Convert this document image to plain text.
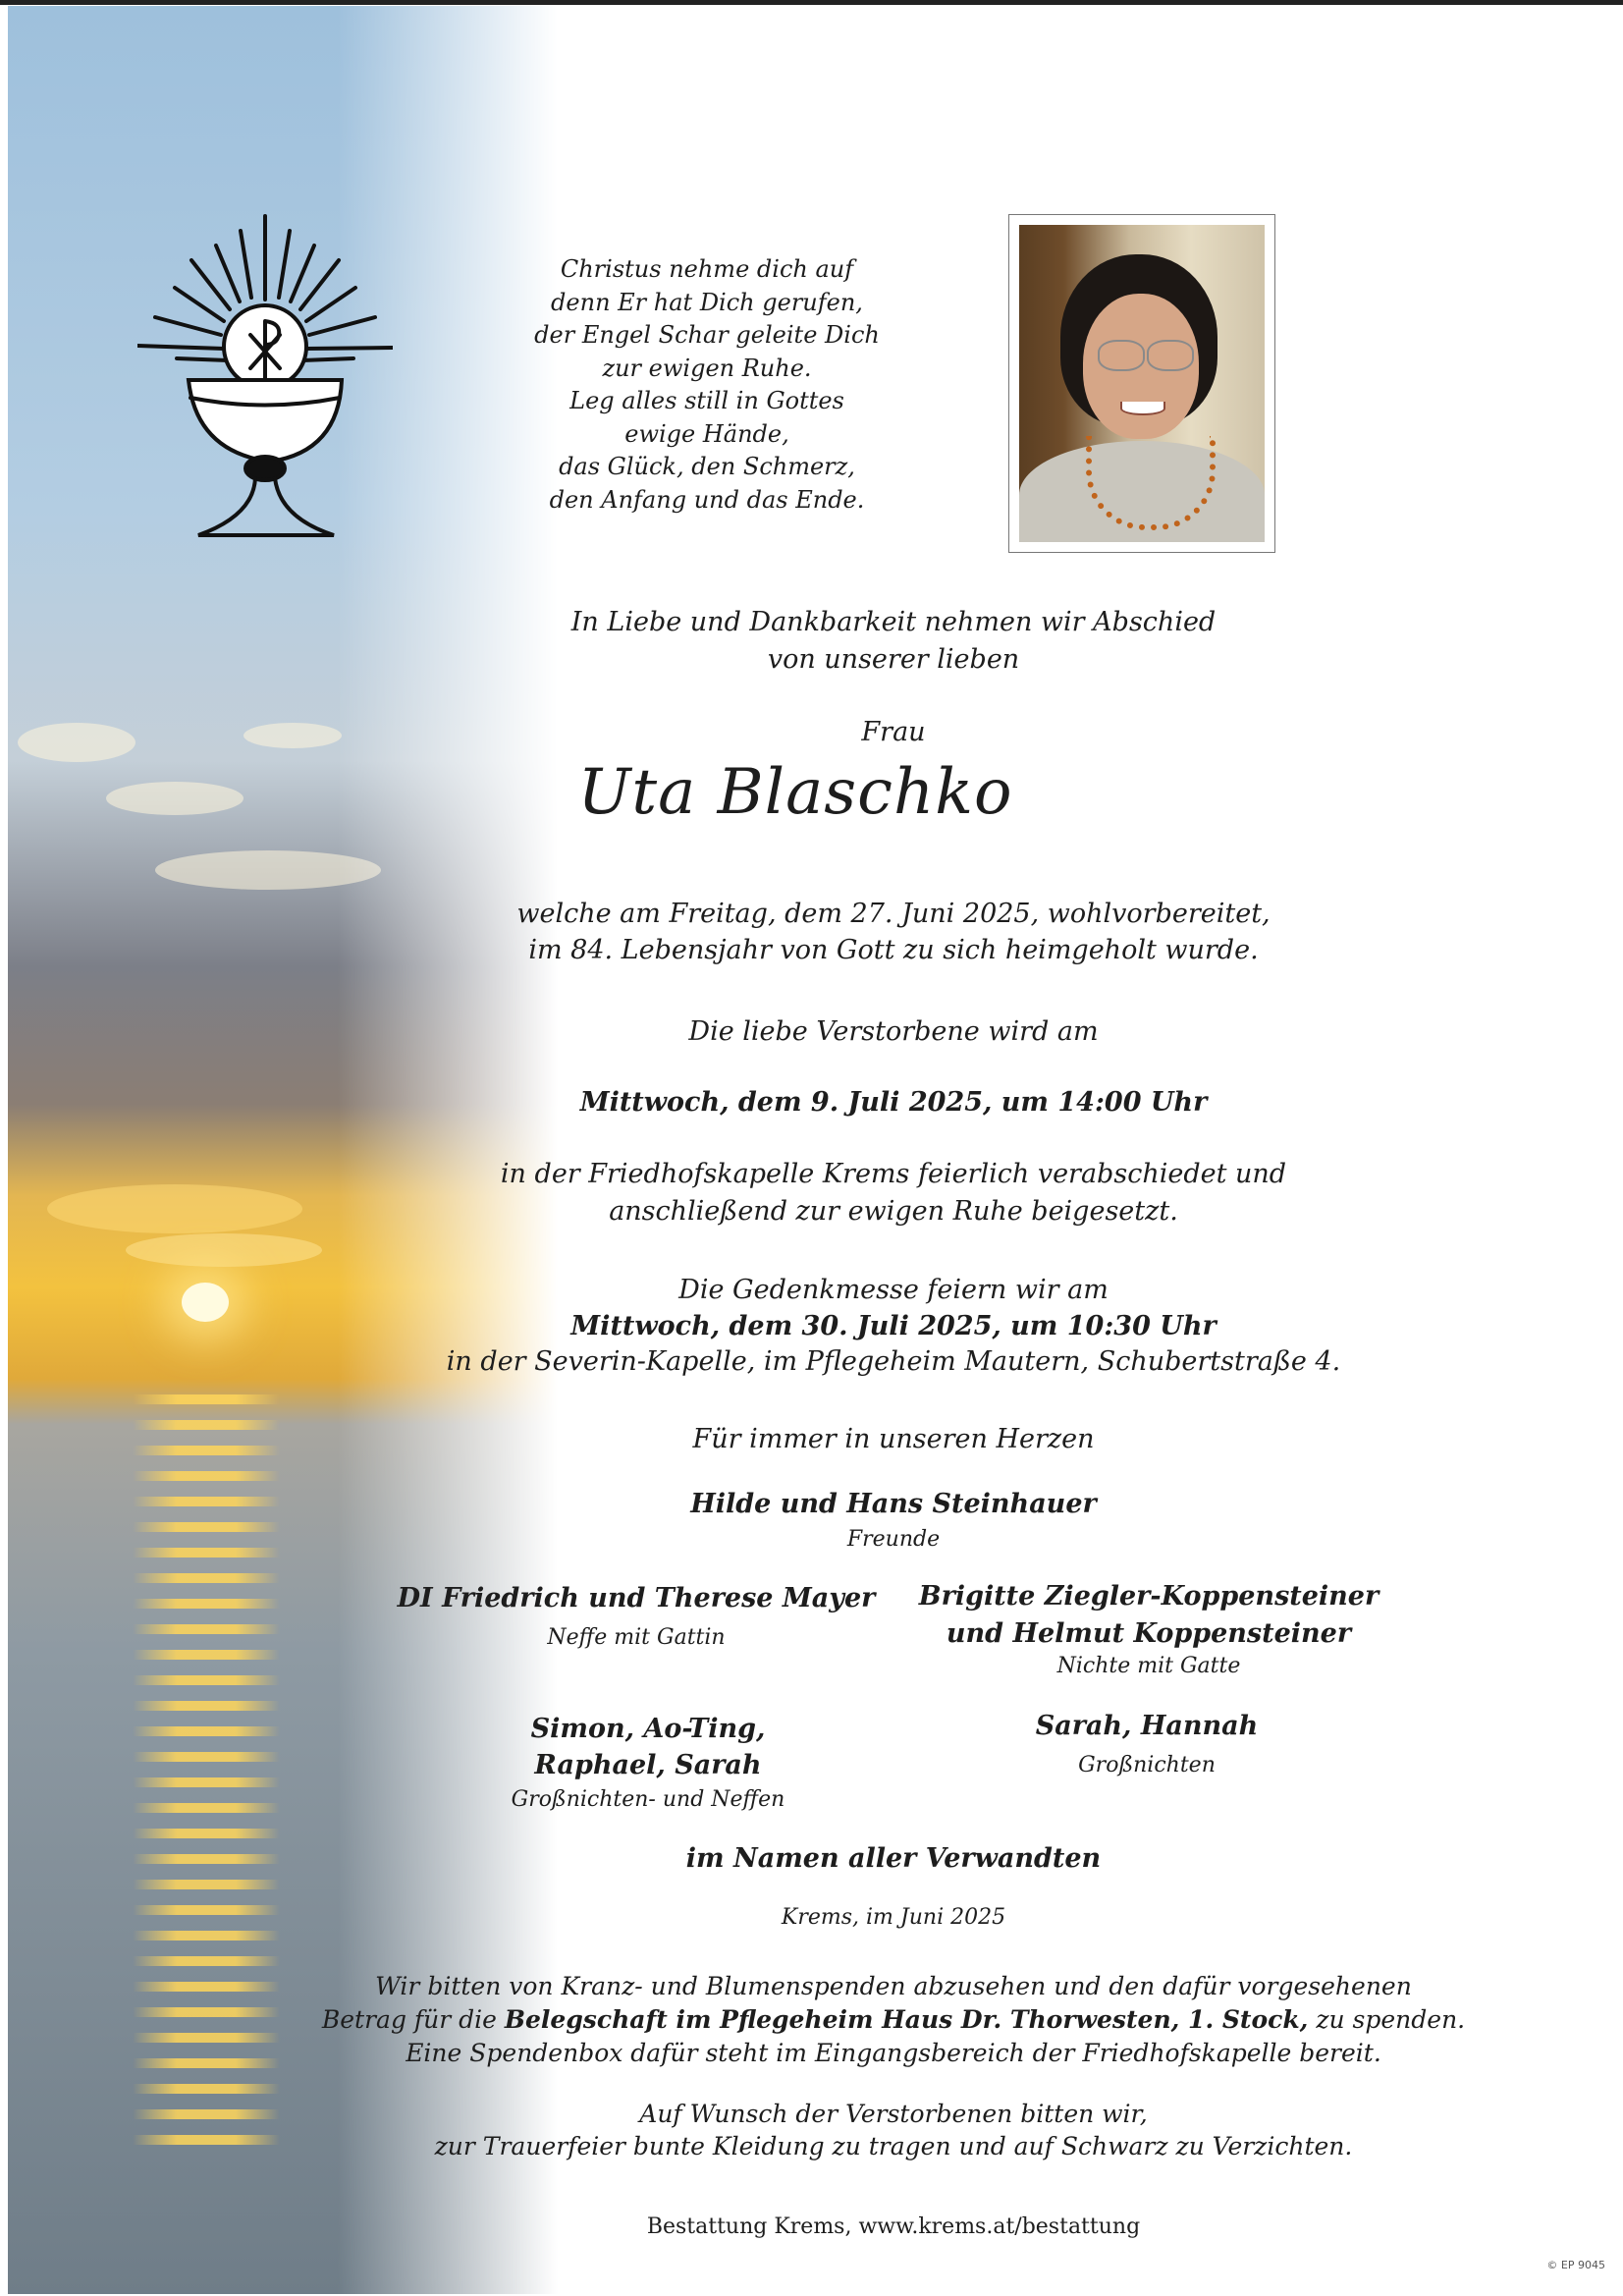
Christus nehme dich auf
denn Er hat Dich gerufen,
der Engel Schar geleite Dich
zur ewigen Ruhe.
Leg alles still in Gottes
ewige Hände,
das Glück, den Schmerz,
den Anfang und das Ende.
In Liebe und Dankbarkeit nehmen wir Abschied
von unserer lieben
Frau
Uta Blaschko
welche am Freitag, dem 27. Juni 2025, wohlvorbereitet,
im 84. Lebensjahr von Gott zu sich heimgeholt wurde.
Die liebe Verstorbene wird am
Mittwoch, dem 9. Juli 2025, um 14:00 Uhr
in der Friedhofskapelle Krems feierlich verabschiedet und
anschließend zur ewigen Ruhe beigesetzt.
Die Gedenkmesse feiern wir am
Mittwoch, dem 30. Juli 2025, um 10:30 Uhr
in der Severin-Kapelle, im Pflegeheim Mautern, Schubertstraße 4.
Für immer in unseren Herzen
Hilde und Hans Steinhauer
Freunde
DI Friedrich und Therese Mayer
Neffe mit Gattin
Brigitte Ziegler-Koppensteiner
und Helmut Koppensteiner
Nichte mit Gatte
Simon, Ao-Ting,
Raphael, Sarah
Großnichten- und Neffen
Sarah, Hannah
Großnichten
im Namen aller Verwandten
Krems, im Juni 2025
Wir bitten von Kranz- und Blumenspenden abzusehen und den dafür vorgesehenen
Betrag für die Belegschaft im Pflegeheim Haus Dr. Thorwesten, 1. Stock, zu spenden.
Eine Spendenbox dafür steht im Eingangsbereich der Friedhofskapelle bereit.
Auf Wunsch der Verstorbenen bitten wir,
zur Trauerfeier bunte Kleidung zu tragen und auf Schwarz zu Verzichten.
Bestattung Krems, www.krems.at/bestattung
© EP 9045
